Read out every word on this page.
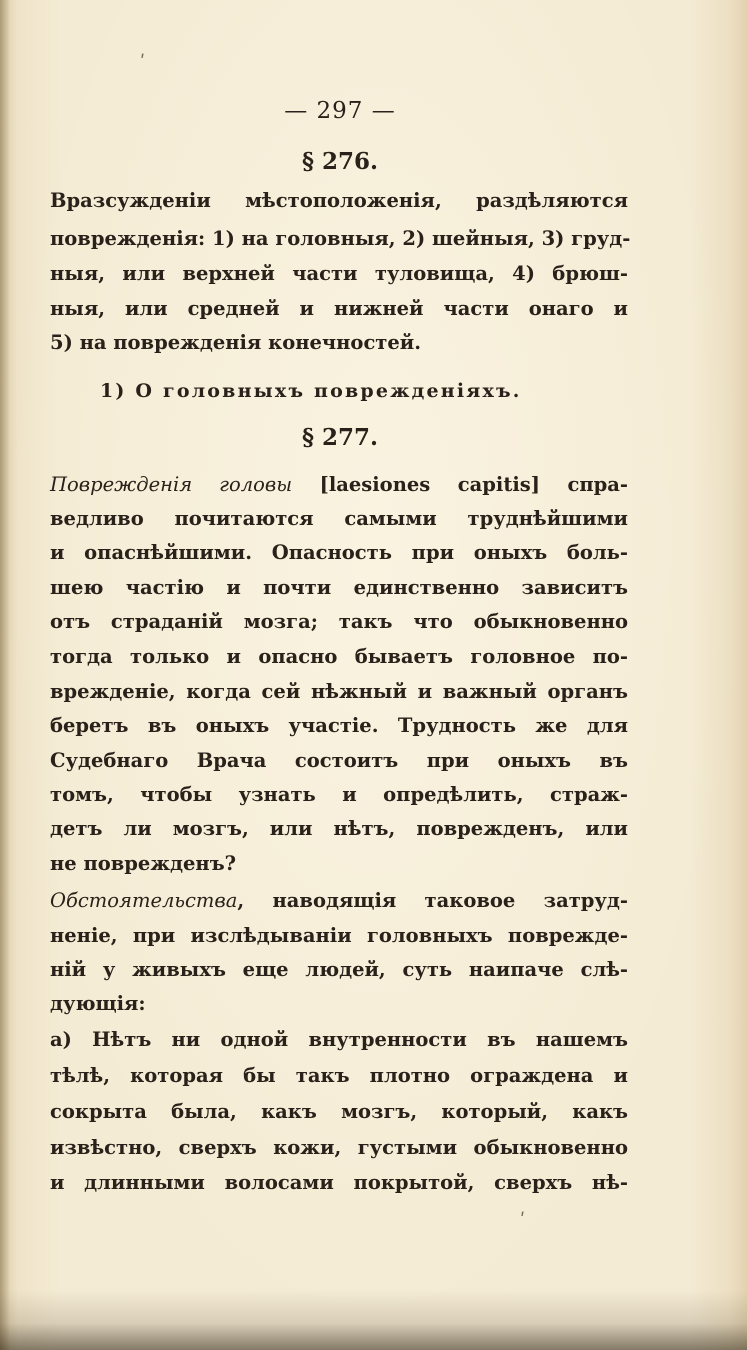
ʹ
— 297 —
§ 276.
Вразсужденіи мѣстоположенія, раздѣляются
поврежденія: 1) на головныя, 2) шейныя, 3) груд-
ныя, или верхней части туловища, 4) брюш-
ныя, или средней и нижней части онаго и
5) на поврежденія конечностей.
1) О головныхъ поврежденіяхъ.
§ 277.
Поврежденія головы [laesiones capitis] спра-
ведливо почитаются самыми труднѣйшими
и опаснѣйшими. Опасность при оныхъ боль-
шею частію и почти единственно зависитъ
отъ страданій мозга; такъ что обыкновенно
тогда только и опасно бываетъ головное по-
врежденіе, когда сей нѣжный и важный органъ
беретъ въ оныхъ участіе. Трудность же для
Судебнаго Врача состоитъ при оныхъ въ
томъ, чтобы узнать и опредѣлить, страж-
детъ ли мозгъ, или нѣтъ, поврежденъ, или
не поврежденъ?
Обстоятельства, наводящія таковое затруд-
неніе, при изслѣдываніи головныхъ поврежде-
ній у живыхъ еще людей, суть наипаче слѣ-
дующія:
а) Нѣтъ ни одной внутренности въ нашемъ
тѣлѣ, которая бы такъ плотно ограждена и
сокрыта была, какъ мозгъ, который, какъ
извѣстно, сверхъ кожи, густыми обыкновенно
и длинными волосами покрытой, сверхъ нѣ-
ʹ
